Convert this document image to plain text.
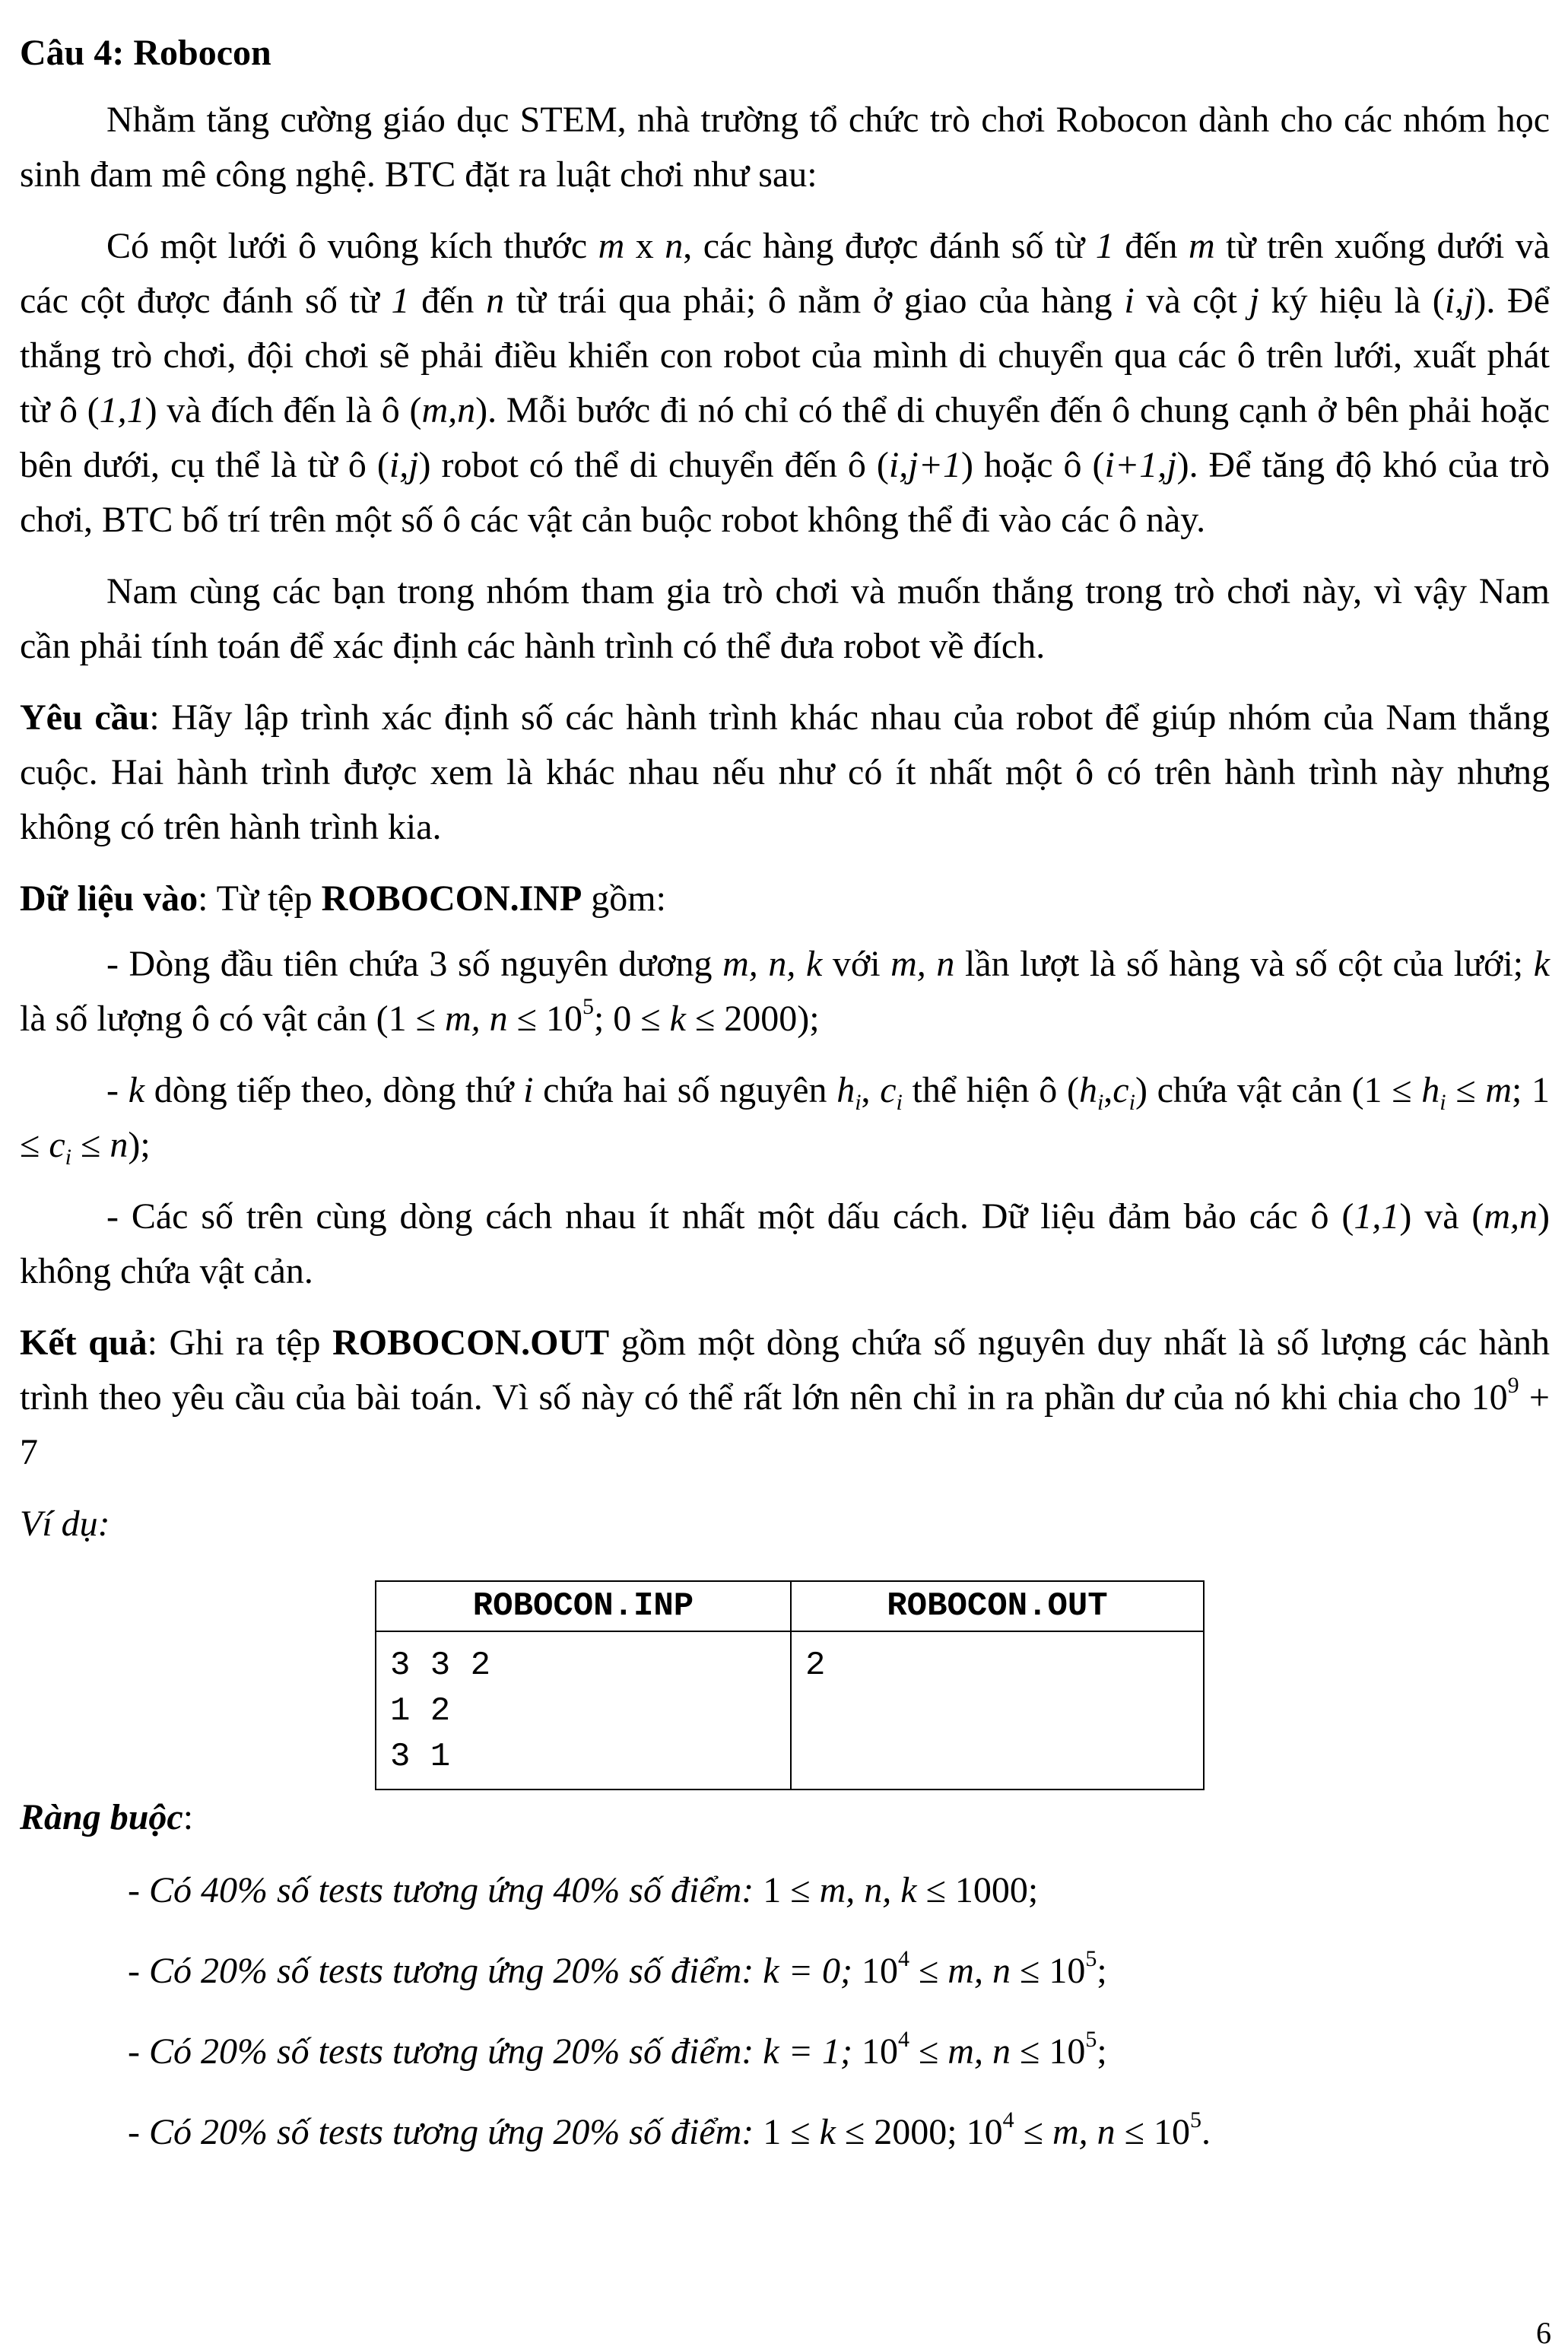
Câu 4: Robocon

Nhằm tăng cường giáo dục STEM, nhà trường tổ chức trò chơi Robocon dành cho các nhóm học sinh đam mê công nghệ. BTC đặt ra luật chơi như sau:

Có một lưới ô vuông kích thước m x n, các hàng được đánh số từ 1 đến m từ trên xuống dưới và các cột được đánh số từ 1 đến n từ trái qua phải; ô nằm ở giao của hàng i và cột j ký hiệu là (i,j). Để thắng trò chơi, đội chơi sẽ phải điều khiển con robot của mình di chuyển qua các ô trên lưới, xuất phát từ ô (1,1) và đích đến là ô (m,n). Mỗi bước đi nó chỉ có thể di chuyển đến ô chung cạnh ở bên phải hoặc bên dưới, cụ thể là từ ô (i,j) robot có thể di chuyển đến ô (i,j+1) hoặc ô (i+1,j). Để tăng độ khó của trò chơi, BTC bố trí trên một số ô các vật cản buộc robot không thể đi vào các ô này.

Nam cùng các bạn trong nhóm tham gia trò chơi và muốn thắng trong trò chơi này, vì vậy Nam cần phải tính toán để xác định các hành trình có thể đưa robot về đích.

Yêu cầu: Hãy lập trình xác định số các hành trình khác nhau của robot để giúp nhóm của Nam thắng cuộc. Hai hành trình được xem là khác nhau nếu như có ít nhất một ô có trên hành trình này nhưng không có trên hành trình kia.

Dữ liệu vào: Từ tệp ROBOCON.INP gồm:

- Dòng đầu tiên chứa 3 số nguyên dương m, n, k với m, n lần lượt là số hàng và số cột của lưới; k là số lượng ô có vật cản (1 ≤ m, $n \le 10^5$; 0 ≤ k ≤ 2000);

- k dòng tiếp theo, dòng thứ i chứa hai số nguyên $h_i$, $c_i$ thể hiện ô $(h_i,c_i)$ chứa vật cản ($1 \le h_i \le m$; $1 \le c_i \le n$);

- Các số trên cùng dòng cách nhau ít nhất một dấu cách. Dữ liệu đảm bảo các ô (1,1) và (m,n) không chứa vật cản.

Kết quả: Ghi ra tệp ROBOCON.OUT gồm một dòng chứa số nguyên duy nhất là số lượng các hành trình theo yêu cầu của bài toán. Vì số này có thể rất lớn nên chỉ in ra phần dư của nó khi chia cho $10^9 + 7$

Ví dụ:

ROBOCON.INP	ROBOCON.OUT

3 3 2
1 2
3 1	2

Ràng buộc:

- Có 40% số tests tương ứng 40% số điểm: 1 ≤ m, n, k ≤ 1000;

- Có 20% số tests tương ứng 20% số điểm: k = 0; $10^4 \le m$, $n \le 10^5$;

- Có 20% số tests tương ứng 20% số điểm: k = 1; $10^4 \le m$, $n \le 10^5$;

- Có 20% số tests tương ứng 20% số điểm: 1 ≤ k ≤ 2000; $10^4 \le m$, $n \le 10^5$.

6
